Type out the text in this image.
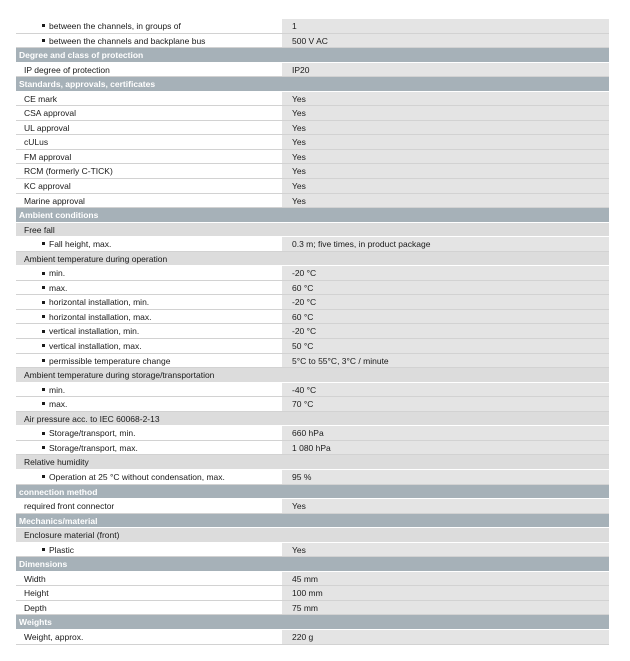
between the channels, in groups of	1
between the channels and backplane bus	500 V AC
Degree and class of protection
IP degree of protection	IP20
Standards, approvals, certificates
CE mark	Yes
CSA approval	Yes
UL approval	Yes
cULus	Yes
FM approval	Yes
RCM (formerly C-TICK)	Yes
KC approval	Yes
Marine approval	Yes
Ambient conditions
Free fall
Fall height, max.	0.3 m; five times, in product package
Ambient temperature during operation
min.	-20 °C
max.	60 °C
horizontal installation, min.	-20 °C
horizontal installation, max.	60 °C
vertical installation, min.	-20 °C
vertical installation, max.	50 °C
permissible temperature change	5°C to 55°C, 3°C / minute
Ambient temperature during storage/transportation
min.	-40 °C
max.	70 °C
Air pressure acc. to IEC 60068-2-13
Storage/transport, min.	660 hPa
Storage/transport, max.	1 080 hPa
Relative humidity
Operation at 25 °C without condensation, max.	95 %
connection method
required front connector	Yes
Mechanics/material
Enclosure material (front)
Plastic	Yes
Dimensions
Width	45 mm
Height	100 mm
Depth	75 mm
Weights
Weight, approx.	220 g
